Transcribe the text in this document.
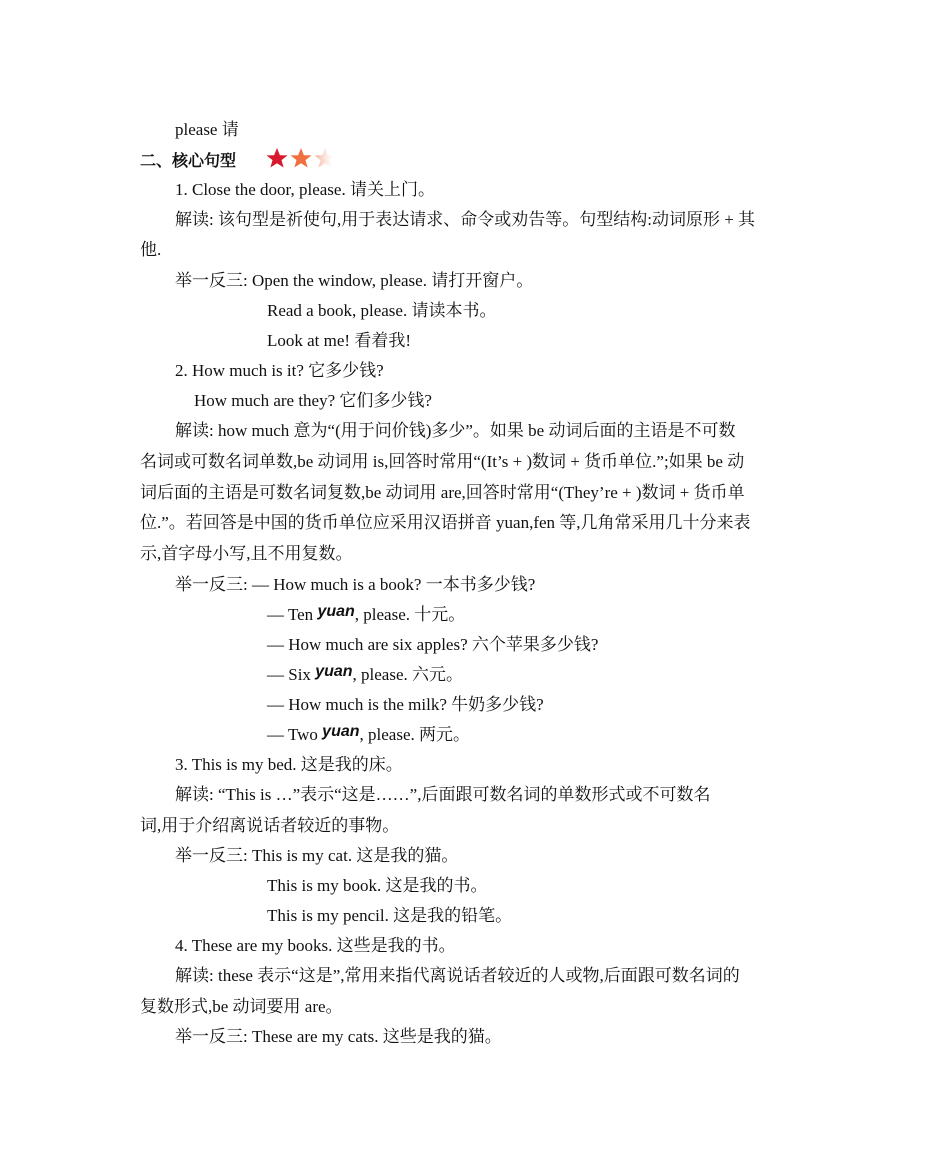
please 请
二、核心句型
1. Close the door, please. 请关上门。
解读: 该句型是祈使句,用于表达请求、命令或劝告等。句型结构:动词原形 + 其
他.
举一反三: Open the window, please. 请打开窗户。
Read a book, please. 请读本书。
Look at me! 看着我!
2. How much is it? 它多少钱?
How much are they? 它们多少钱?
解读: how much 意为“(用于问价钱)多少”。如果 be 动词后面的主语是不可数
名词或可数名词单数,be 动词用 is,回答时常用“(It’s + )数词 + 货币单位.”;如果 be 动
词后面的主语是可数名词复数,be 动词用 are,回答时常用“(They’re + )数词 + 货币单
位.”。若回答是中国的货币单位应采用汉语拼音 yuan,fen 等,几角常采用几十分来表
示,首字母小写,且不用复数。
举一反三: — How much is a book? 一本书多少钱?
— Ten yuan, please. 十元。
— How much are six apples? 六个苹果多少钱?
— Six yuan, please. 六元。
— How much is the milk? 牛奶多少钱?
— Two yuan, please. 两元。
3. This is my bed. 这是我的床。
解读: “This is …”表示“这是……”,后面跟可数名词的单数形式或不可数名
词,用于介绍离说话者较近的事物。
举一反三: This is my cat. 这是我的猫。
This is my book. 这是我的书。
This is my pencil. 这是我的铅笔。
4. These are my books. 这些是我的书。
解读: these 表示“这是”,常用来指代离说话者较近的人或物,后面跟可数名词的
复数形式,be 动词要用 are。
举一反三: These are my cats. 这些是我的猫。
